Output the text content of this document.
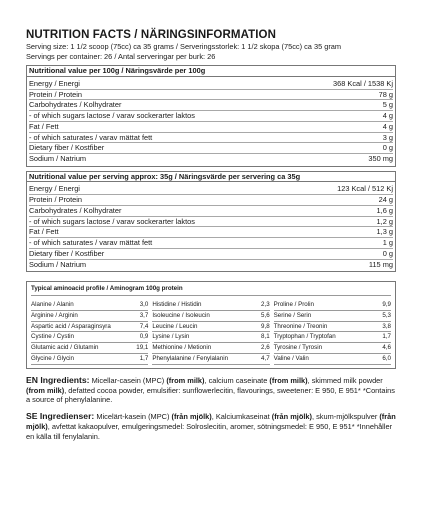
NUTRITION FACTS / NÄRINGSINFORMATION
Serving size: 1 1/2 scoop (75cc) ca 35 grams / Serveringsstorlek: 1 1/2 skopa (75cc) ca 35 gram
Servings per container: 26 / Antal serveringar per burk: 26
Nutritional value per 100g / Näringsvärde per 100g
Energy / Energi	368 Kcal / 1538 Kj
Protein / Protein	78 g
Carbohydrates / Kolhydrater	5 g
- of which sugars lactose / varav sockerarter laktos	4 g
Fat / Fett	4 g
- of which saturates / varav mättat fett	3 g
Dietary fiber / Kostfiber	0 g
Sodium / Natrium	350 mg
Nutritional value per serving approx: 35g / Näringsvärde per servering ca 35g
Energy / Energi	123 Kcal / 512 Kj
Protein / Protein	24 g
Carbohydrates / Kolhydrater	1,6 g
- of which sugars lactose / varav sockerarter laktos	1,2 g
Fat / Fett	1,3 g
- of which saturates / varav mättat fett	1 g
Dietary fiber / Kostfiber	0 g
Sodium / Natrium	115 mg
Typical aminoacid profile / Aminogram 100g protein
Alanine / Alanin	3,0
Arginine / Arginin	3,7
Aspartic acid / Asparaginsyra	7,4
Cystine / Cystin	0,9
Glutamic acid / Glutamin	19,1
Glycine / Glycin	1,7
Histidine / Histidin	2,3
Isoleucine / Isoleucin	5,6
Leucine / Leucin	9,8
Lysine / Lysin	8,1
Methionine / Metionin	2,6
Phenylalanine / Fenylalanin	4,7
Proline / Prolin	9,9
Serine / Serin	5,3
Threonine / Treonin	3,8
Tryptophan / Tryptofan	1,7
Tyrosine / Tyrosin	4,6
Valine / Valin	6,0
EN Ingredients: Micellar-casein (MPC) (from milk), calcium caseinate (from milk), skimmed milk powder (from milk), defatted cocoa powder, emulsifier: sunflowerlecitin, flavourings, sweetener: E 950, E 951* *Contains a source of phenylalanine.
SE Ingredienser: Micelärt-kasein (MPC) (från mjölk), Kalciumkaseinat (från mjölk), skum-mjölkspulver (från mjölk), avfettat kakaopulver, emulgeringsmedel: Solroslecitin, aromer, sötningsmedel: E 950, E 951* *Innehåller en källa till fenylalanin.
